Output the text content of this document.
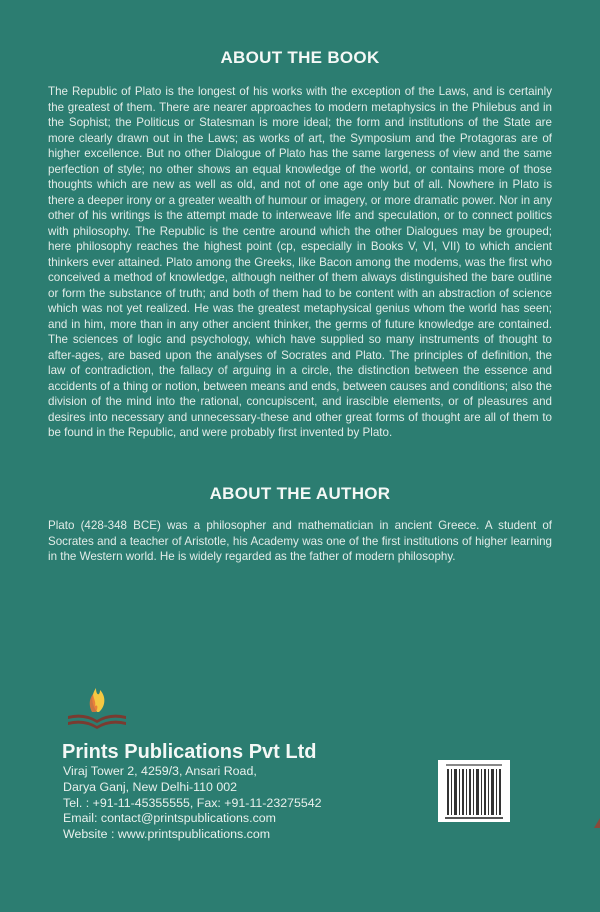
ABOUT THE BOOK
The Republic of Plato is the longest of his works with the exception of the Laws, and is certainly the greatest of them. There are nearer approaches to modern metaphysics in the Philebus and in the Sophist; the Politicus or Statesman is more ideal; the form and institutions of the State are more clearly drawn out in the Laws; as works of art, the Symposium and the Protagoras are of higher excellence. But no other Dialogue of Plato has the same largeness of view and the same perfection of style; no other shows an equal knowledge of the world, or contains more of those thoughts which are new as well as old, and not of one age only but of all. Nowhere in Plato is there a deeper irony or a greater wealth of humour or imagery, or more dramatic power. Nor in any other of his writings is the attempt made to interweave life and speculation, or to connect politics with philosophy. The Republic is the centre around which the other Dialogues may be grouped; here philosophy reaches the highest point (cp, especially in Books V, VI, VII) to which ancient thinkers ever attained. Plato among the Greeks, like Bacon among the modems, was the first who conceived a method of knowledge, although neither of them always distinguished the bare outline or form the substance of truth; and both of them had to be content with an abstraction of science which was not yet realized. He was the greatest metaphysical genius whom the world has seen; and in him, more than in any other ancient thinker, the germs of future knowledge are contained. The sciences of logic and psychology, which have supplied so many instruments of thought to after-ages, are based upon the analyses of Socrates and Plato. The principles of definition, the law of contradiction, the fallacy of arguing in a circle, the distinction between the essence and accidents of a thing or notion, between means and ends, between causes and conditions; also the division of the mind into the rational, concupiscent, and irascible elements, or of pleasures and desires into necessary and unnecessary-these and other great forms of thought are all of them to be found in the Republic, and were probably first invented by Plato.
ABOUT THE AUTHOR
Plato (428-348 BCE) was a philosopher and mathematician in ancient Greece. A student of Socrates and a teacher of Aristotle, his Academy was one of the first institutions of higher learning in the Western world. He is widely regarded as the father of modern philosophy.
Prints Publications Pvt Ltd
Viraj Tower 2, 4259/3, Ansari Road,
Darya Ganj, New Delhi-110 002
Tel. : +91-11-45355555, Fax: +91-11-23275542
Email: contact@printspublications.com
Website : www.printspublications.com
